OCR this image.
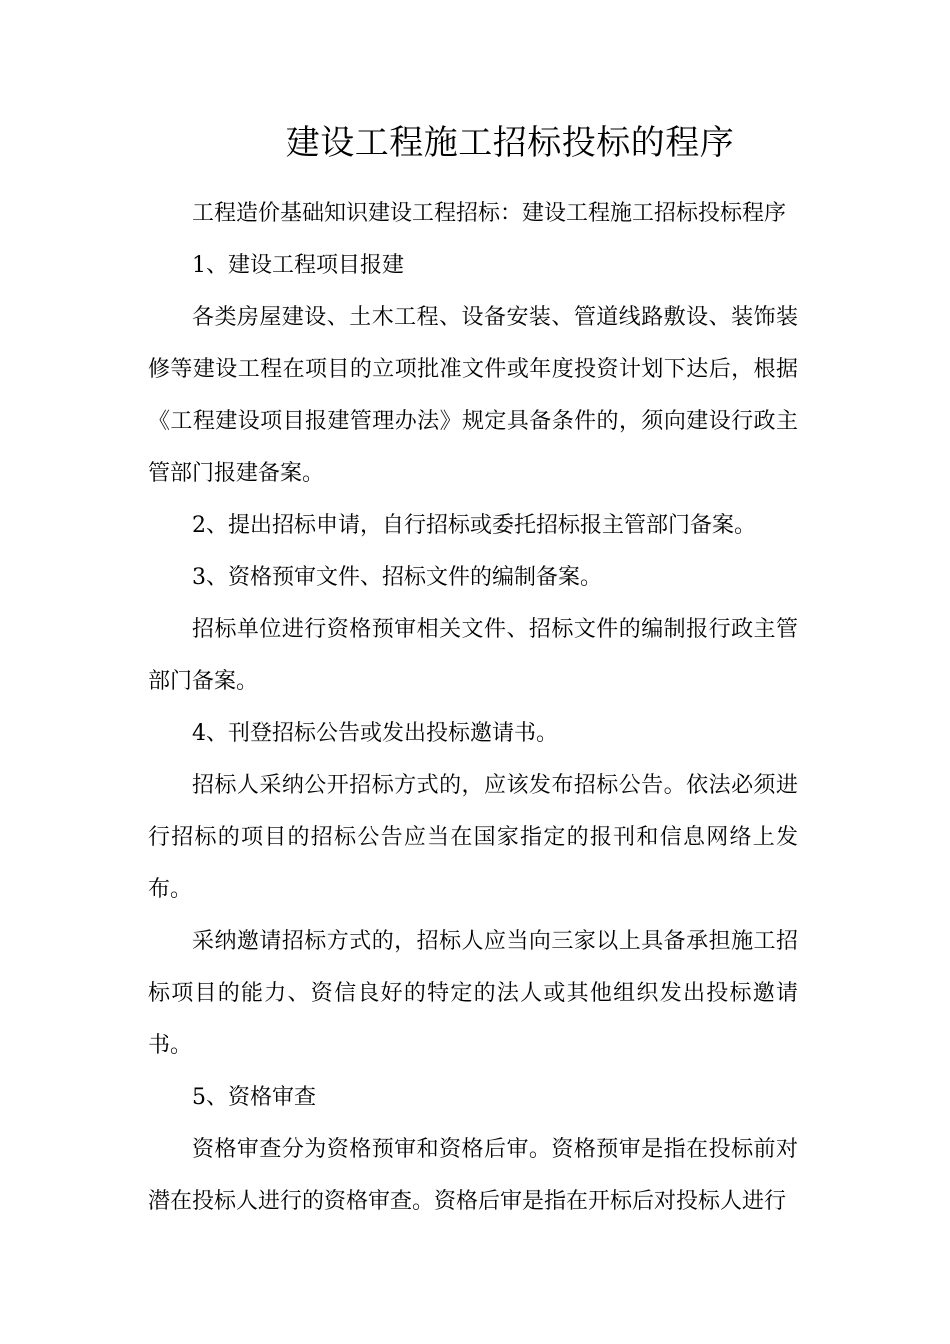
建设工程施工招标投标的程序

工程造价基础知识建设工程招标：建设工程施工招标投标程序

1、建设工程项目报建

各类房屋建设、土木工程、设备安装、管道线路敷设、装饰装修等建设工程在项目的立项批准文件或年度投资计划下达后，根据《工程建设项目报建管理办法》规定具备条件的，须向建设行政主管部门报建备案。

2、提出招标申请，自行招标或委托招标报主管部门备案。

3、资格预审文件、招标文件的编制备案。

招标单位进行资格预审相关文件、招标文件的编制报行政主管部门备案。

4、刊登招标公告或发出投标邀请书。

招标人采纳公开招标方式的，应该发布招标公告。依法必须进行招标的项目的招标公告应当在国家指定的报刊和信息网络上发布。

采纳邀请招标方式的，招标人应当向三家以上具备承担施工招标项目的能力、资信良好的特定的法人或其他组织发出投标邀请书。

5、资格审查

资格审查分为资格预审和资格后审。资格预审是指在投标前对潜在投标人进行的资格审查。资格后审是指在开标后对投标人进行
